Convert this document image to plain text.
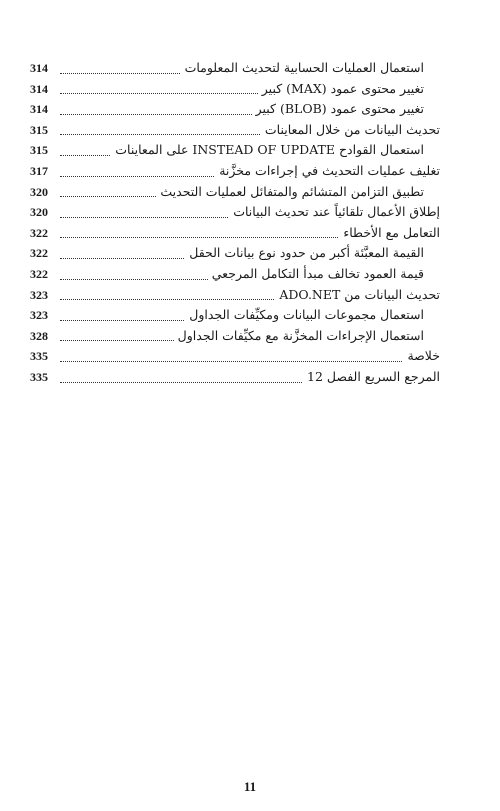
استعمال العمليات الحسابية لتحديث المعلومات
314
تغيير محتوى عمود (MAX) كبير
314
تغيير محتوى عمود (BLOB) كبير
314
تحديث البيانات من خلال المعاينات
315
استعمال القوادح INSTEAD OF UPDATE على المعاينات
315
تغليف عمليات التحديث في إجراءات مخزَّنة
317
تطبيق التزامن المتشائم والمتفائل لعمليات التحديث
320
إطلاق الأعمال تلقائياً عند تحديث البيانات
320
التعامل مع الأخطاء
322
القيمة المعبَّئة أكبر من حدود نوع بيانات الحقل
322
قيمة العمود تخالف مبدأ التكامل المرجعي
322
تحديث البيانات من ADO.NET
323
استعمال مجموعات البيانات ومكيِّفات الجداول
323
استعمال الإجراءات المخزَّنة مع مكيِّفات الجداول
328
خلاصة
335
المرجع السريع الفصل 12
335
11
